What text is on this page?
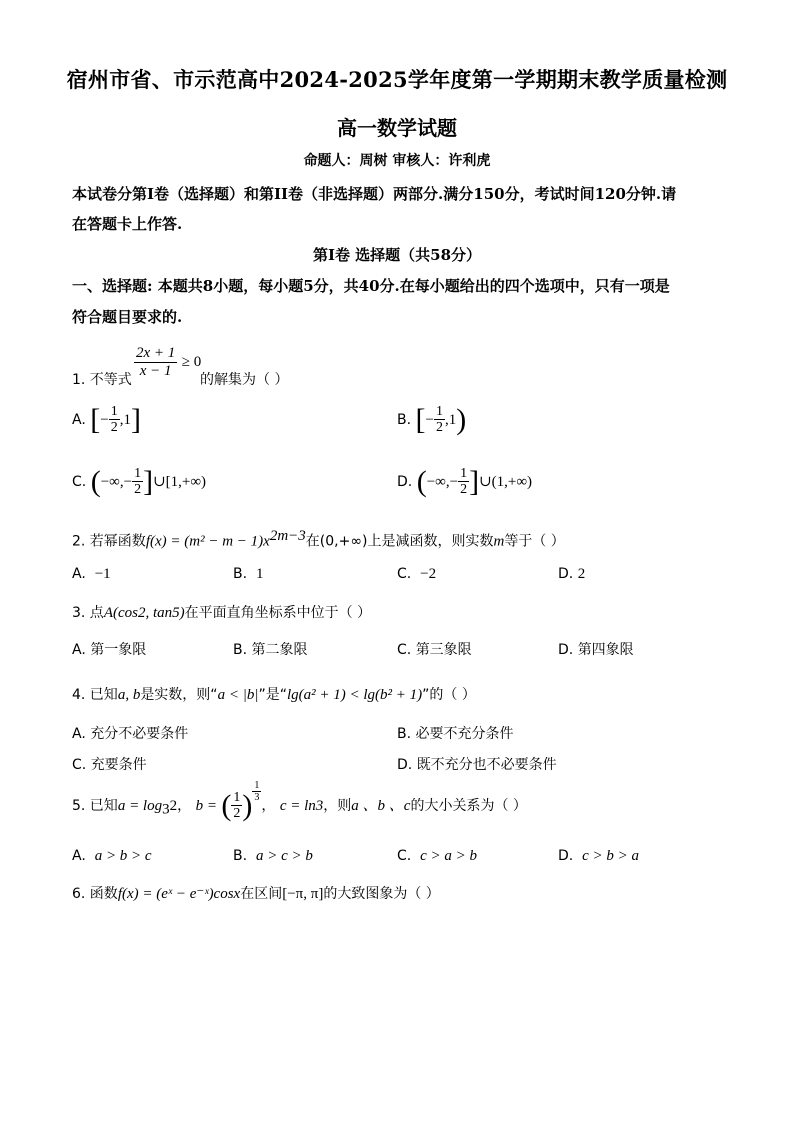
宿州市省、市示范高中2024-2025学年度第一学期期末教学质量检测
高一数学试题
命题人：周树 审核人：许利虎
本试卷分第I卷（选择题）和第II卷（非选择题）两部分.满分150分，考试时间120分钟.请
在答题卡上作答.
第I卷 选择题（共58分）
一、选择题: 本题共8小题，每小题5分，共40分.在每小题给出的四个选项中，只有一项是
符合题目要求的.
1. 不等式
$\frac{2x + 1}{x - 1} \ge 0$
的解集为（ ）
A. [− $\frac{1}{2} ,1$]	B. [− $\frac{1}{2} ,1$)
C. (−∞,− $\frac{1}{2}$ ]∪[1,+∞)	D. (−∞,− $\frac{1}{2}$ ]∪(1,+∞)
2. 若幂函数$f(x) = (m^2 - m - 1)x^{2m-3}$在(0,+∞)上是减函数，则实数m等于（ ）
A. −1	B. 1	C. −2	D. 2
3. 点A(cos2, tan5)在平面直角坐标系中位于（ ）
A. 第一象限	B. 第二象限	C. 第三象限	D. 第四象限
4. 已知a, b是实数，则“a < |b|”是“lg(a² + 1) < lg(b² + 1)”的（ ）
A. 充分不必要条件	B. 必要不充分条件
C. 充要条件	D. 既不充分也不必要条件
5. 已知$a = \log_32$， b = ( $\frac{1}{2}$ ) $\frac{1}{3}$
， c = ln3，则a 、b 、c的大小关系为（ ）
A. a > b > c	B. a > c > b	C. c > a > b	D. c > b > a
6. 函数f(x) = (eˣ − e⁻ˣ)cosx在区间[−π, π]的大致图象为（ ）
